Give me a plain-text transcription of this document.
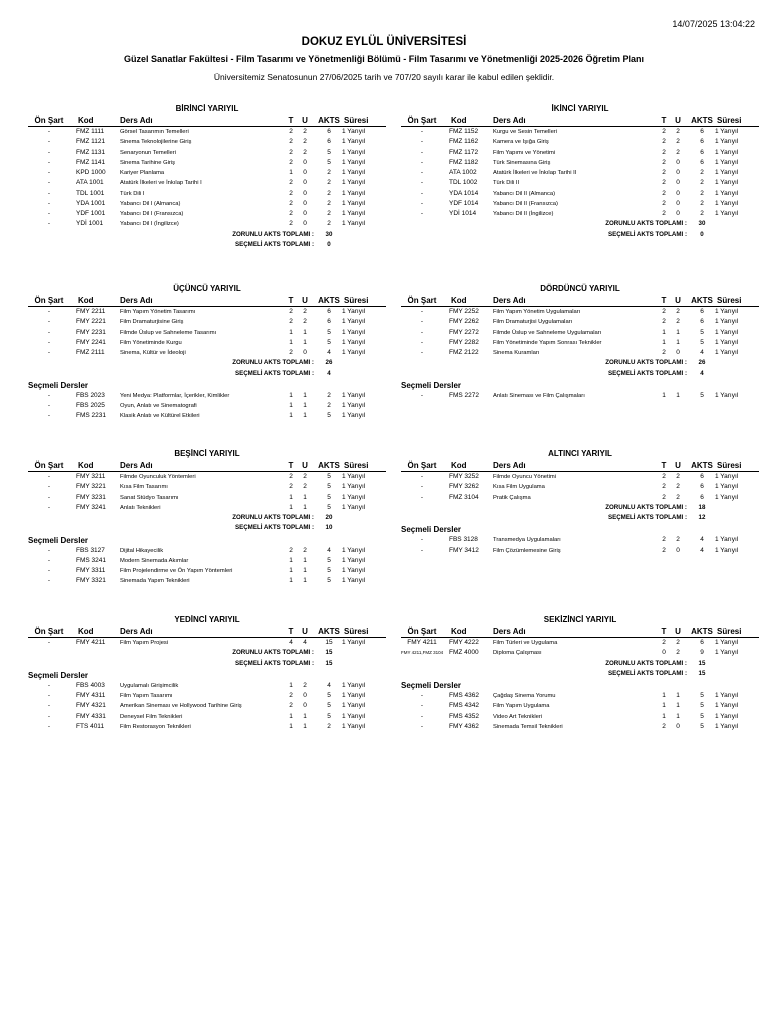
14/07/2025 13:04:22
DOKUZ EYLÜL ÜNİVERSİTESİ
Güzel Sanatlar Fakültesi - Film Tasarımı ve Yönetmenliği Bölümü - Film Tasarımı ve Yönetmenliği 2025-2026 Öğretim Planı
Üniversitemiz Senatosunun 27/06/2025 tarih ve 707/20 sayılı karar ile kabul edilen şeklidir.
BİRİNCİ YARIYIL
Ön Şart	Kod	Ders Adı	T	U AKTS Süresi
-	FMZ 1111	Görsel Tasarımın Temelleri	2	2	6	1 Yarıyıl
-	FMZ 1121	Sinema Teknolojilerine Giriş	2	2	6	1 Yarıyıl
-	FMZ 1131	Senaryonun Temelleri	2	2	5	1 Yarıyıl
-	FMZ 1141	Sinema Tarihine Giriş	2	0	5	1 Yarıyıl
-	KPD 1000 Kariyer Planlama	1	0	2	1 Yarıyıl
-	ATA 1001	Atatürk İlkeleri ve İnkılap Tarihi I	2	0	2	1 Yarıyıl
-	TDL 1001	Türk Dili I	2	0	2	1 Yarıyıl
-	YDA 1001	Yabancı Dil I (Almanca)	2	0	2	1 Yarıyıl
-	YDF 1001	Yabancı Dil I (Fransızca)	2	0	2	1 Yarıyıl
-	YDİ 1001	Yabancı Dil I (İngilizce)	2	0	2	1 Yarıyıl
ZORUNLU AKTS TOPLAMI :	30
SEÇMELİ AKTS TOPLAMI :	0
İKİNCİ YARIYIL
Ön Şart	Kod	Ders Adı	T	U AKTS Süresi
-	FMZ 1152	Kurgu ve Sesin Temelleri	2	2	6	1 Yarıyıl
-	FMZ 1162	Kamera ve Işığa Giriş	2	2	6	1 Yarıyıl
-	FMZ 1172	Film Yapımı ve Yönetimi	2	2	6	1 Yarıyıl
-	FMZ 1182	Türk Sinemasına Giriş	2	0	6	1 Yarıyıl
-	ATA 1002	Atatürk İlkeleri ve İnkılap Tarihi II	2	0	2	1 Yarıyıl
-	TDL 1002	Türk Dili II	2	0	2	1 Yarıyıl
-	YDA 1014	Yabancı Dil II (Almanca)	2	0	2	1 Yarıyıl
-	YDF 1014	Yabancı Dil II (Fransızca)	2	0	2	1 Yarıyıl
-	YDİ 1014	Yabancı Dil II (İngilizce)	2	0	2	1 Yarıyıl
ZORUNLU AKTS TOPLAMI :	30
SEÇMELİ AKTS TOPLAMI :	0
ÜÇÜNCÜ YARIYIL
Ön Şart	Kod	Ders Adı	T	U AKTS Süresi
-	FMY 2211	Film Yapım Yönetim Tasarımı	2	2	6	1 Yarıyıl
-	FMY 2221 Film Dramaturjisine Giriş	2	2	6	1 Yarıyıl
-	FMY 2231 Filmde Üslup ve Sahneleme Tasarımı	1	1	5	1 Yarıyıl
-	FMY 2241 Film Yönetiminde Kurgu	1	1	5	1 Yarıyıl
-	FMZ 2111	Sinema, Kültür ve İdeoloji	2	0	4	1 Yarıyıl
ZORUNLU AKTS TOPLAMI :	26
SEÇMELİ AKTS TOPLAMI :	4
Seçmeli Dersler
-	FBS 2023	Yeni Medya: Platformlar, İçerikler, Kimlikler	1	1	2	1 Yarıyıl
-	FBS 2025	Oyun, Anlatı ve Sinematografi	1	1	2	1 Yarıyıl
-	FMS 2231 Klasik Anlatı ve Kültürel Etkileri	1	1	5	1 Yarıyıl
DÖRDÜNCÜ YARIYIL
Ön Şart	Kod	Ders Adı	T	U AKTS Süresi
-	FMY 2252 Film Yapım Yönetim Uygulamaları	2	2	6	1 Yarıyıl
-	FMY 2262 Film Dramaturjisi Uygulamaları	2	2	6	1 Yarıyıl
-	FMY 2272 Filmde Üslup ve Sahneleme Uygulamaları	1	1	5	1 Yarıyıl
-	FMY 2282 Film Yönetiminde Yapım Sonrası Teknikler	1	1	5	1 Yarıyıl
-	FMZ 2122 Sinema Kuramları	2	0	4	1 Yarıyıl
ZORUNLU AKTS TOPLAMI :	26
SEÇMELİ AKTS TOPLAMI :	4
Seçmeli Dersler
-	FMS 2272 Anlatı Sineması ve Film Çalışmaları	1	1	5	1 Yarıyıl
BEŞİNCİ YARIYIL
Ön Şart	Kod	Ders Adı	T	U AKTS Süresi
-	FMY 3211	Filmde Oyunculuk Yöntemleri	2	2	5	1 Yarıyıl
-	FMY 3221 Kısa Film Tasarımı	2	2	5	1 Yarıyıl
-	FMY 3231 Sanat Stüdyo Tasarımı	1	1	5	1 Yarıyıl
-	FMY 3241 Anlatı Teknikleri	1	1	5	1 Yarıyıl
ZORUNLU AKTS TOPLAMI :	20
SEÇMELİ AKTS TOPLAMI :	10
Seçmeli Dersler
-	FBS 3127	Dijital Hikayecilik	2	2	4	1 Yarıyıl
-	FMS 3241 Modern Sinemada Akımlar	1	1	5	1 Yarıyıl
-	FMY 3311	Film Projelendirme ve Ön Yapım Yöntemleri	1	1	5	1 Yarıyıl
-	FMY 3321 Sinemada Yapım Teknikleri	1	1	5	1 Yarıyıl
ALTINCI YARIYIL
Ön Şart	Kod	Ders Adı	T	U AKTS Süresi
-	FMY 3252 Filmde Oyuncu Yönetimi	2	2	6	1 Yarıyıl
-	FMY 3262 Kısa Film Uygulama	2	2	6	1 Yarıyıl
-	FMZ 3104 Pratik Çalışma	2	2	6	1 Yarıyıl
ZORUNLU AKTS TOPLAMI :	18
SEÇMELİ AKTS TOPLAMI :	12
Seçmeli Dersler
-	FBS 3128	Transmedya Uygulamaları	2	2	4	1 Yarıyıl
-	FMY 3412 Film Çözümlemesine Giriş	2	0	4	1 Yarıyıl
YEDİNCİ YARIYIL
Ön Şart	Kod	Ders Adı	T	U AKTS Süresi
-	FMY 4211	Film Yapım Projesi	4	4	15	1 Yarıyıl
ZORUNLU AKTS TOPLAMI :	15
SEÇMELİ AKTS TOPLAMI :	15
Seçmeli Dersler
-	FBS 4003	Uygulamalı Girişimcilik	1	2	4	1 Yarıyıl
-	FMY 4311	Film Yapım Tasarımı	2	0	5	1 Yarıyıl
-	FMY 4321 Amerikan Sineması ve Hollywood Tarihine Giriş	2	0	5	1 Yarıyıl
-	FMY 4331 Deneysel Film Teknikleri	1	1	5	1 Yarıyıl
-	FTS 4011	Film Restorasyon Teknikleri	1	1	2	1 Yarıyıl
SEKİZİNCİ YARIYIL
Ön Şart	Kod	Ders Adı	T	U AKTS Süresi
FMY 4211	FMY 4222 Film Türleri ve Uygulama	2	2	6	1 Yarıyıl
FMY 4211,FMZ 3104 FMZ 4000 Diploma Çalışması	0	2	9	1 Yarıyıl
ZORUNLU AKTS TOPLAMI :	15
SEÇMELİ AKTS TOPLAMI :	15
Seçmeli Dersler
-	FMS 4362 Çağdaş Sinema Yorumu	1	1	5	1 Yarıyıl
-	FMS 4342 Film Yapım Uygulama	1	1	5	1 Yarıyıl
-	FMS 4352 Video Art Teknikleri	1	1	5	1 Yarıyıl
-	FMY 4362 Sinemada Temsil Teknikleri	2	0	5	1 Yarıyıl
